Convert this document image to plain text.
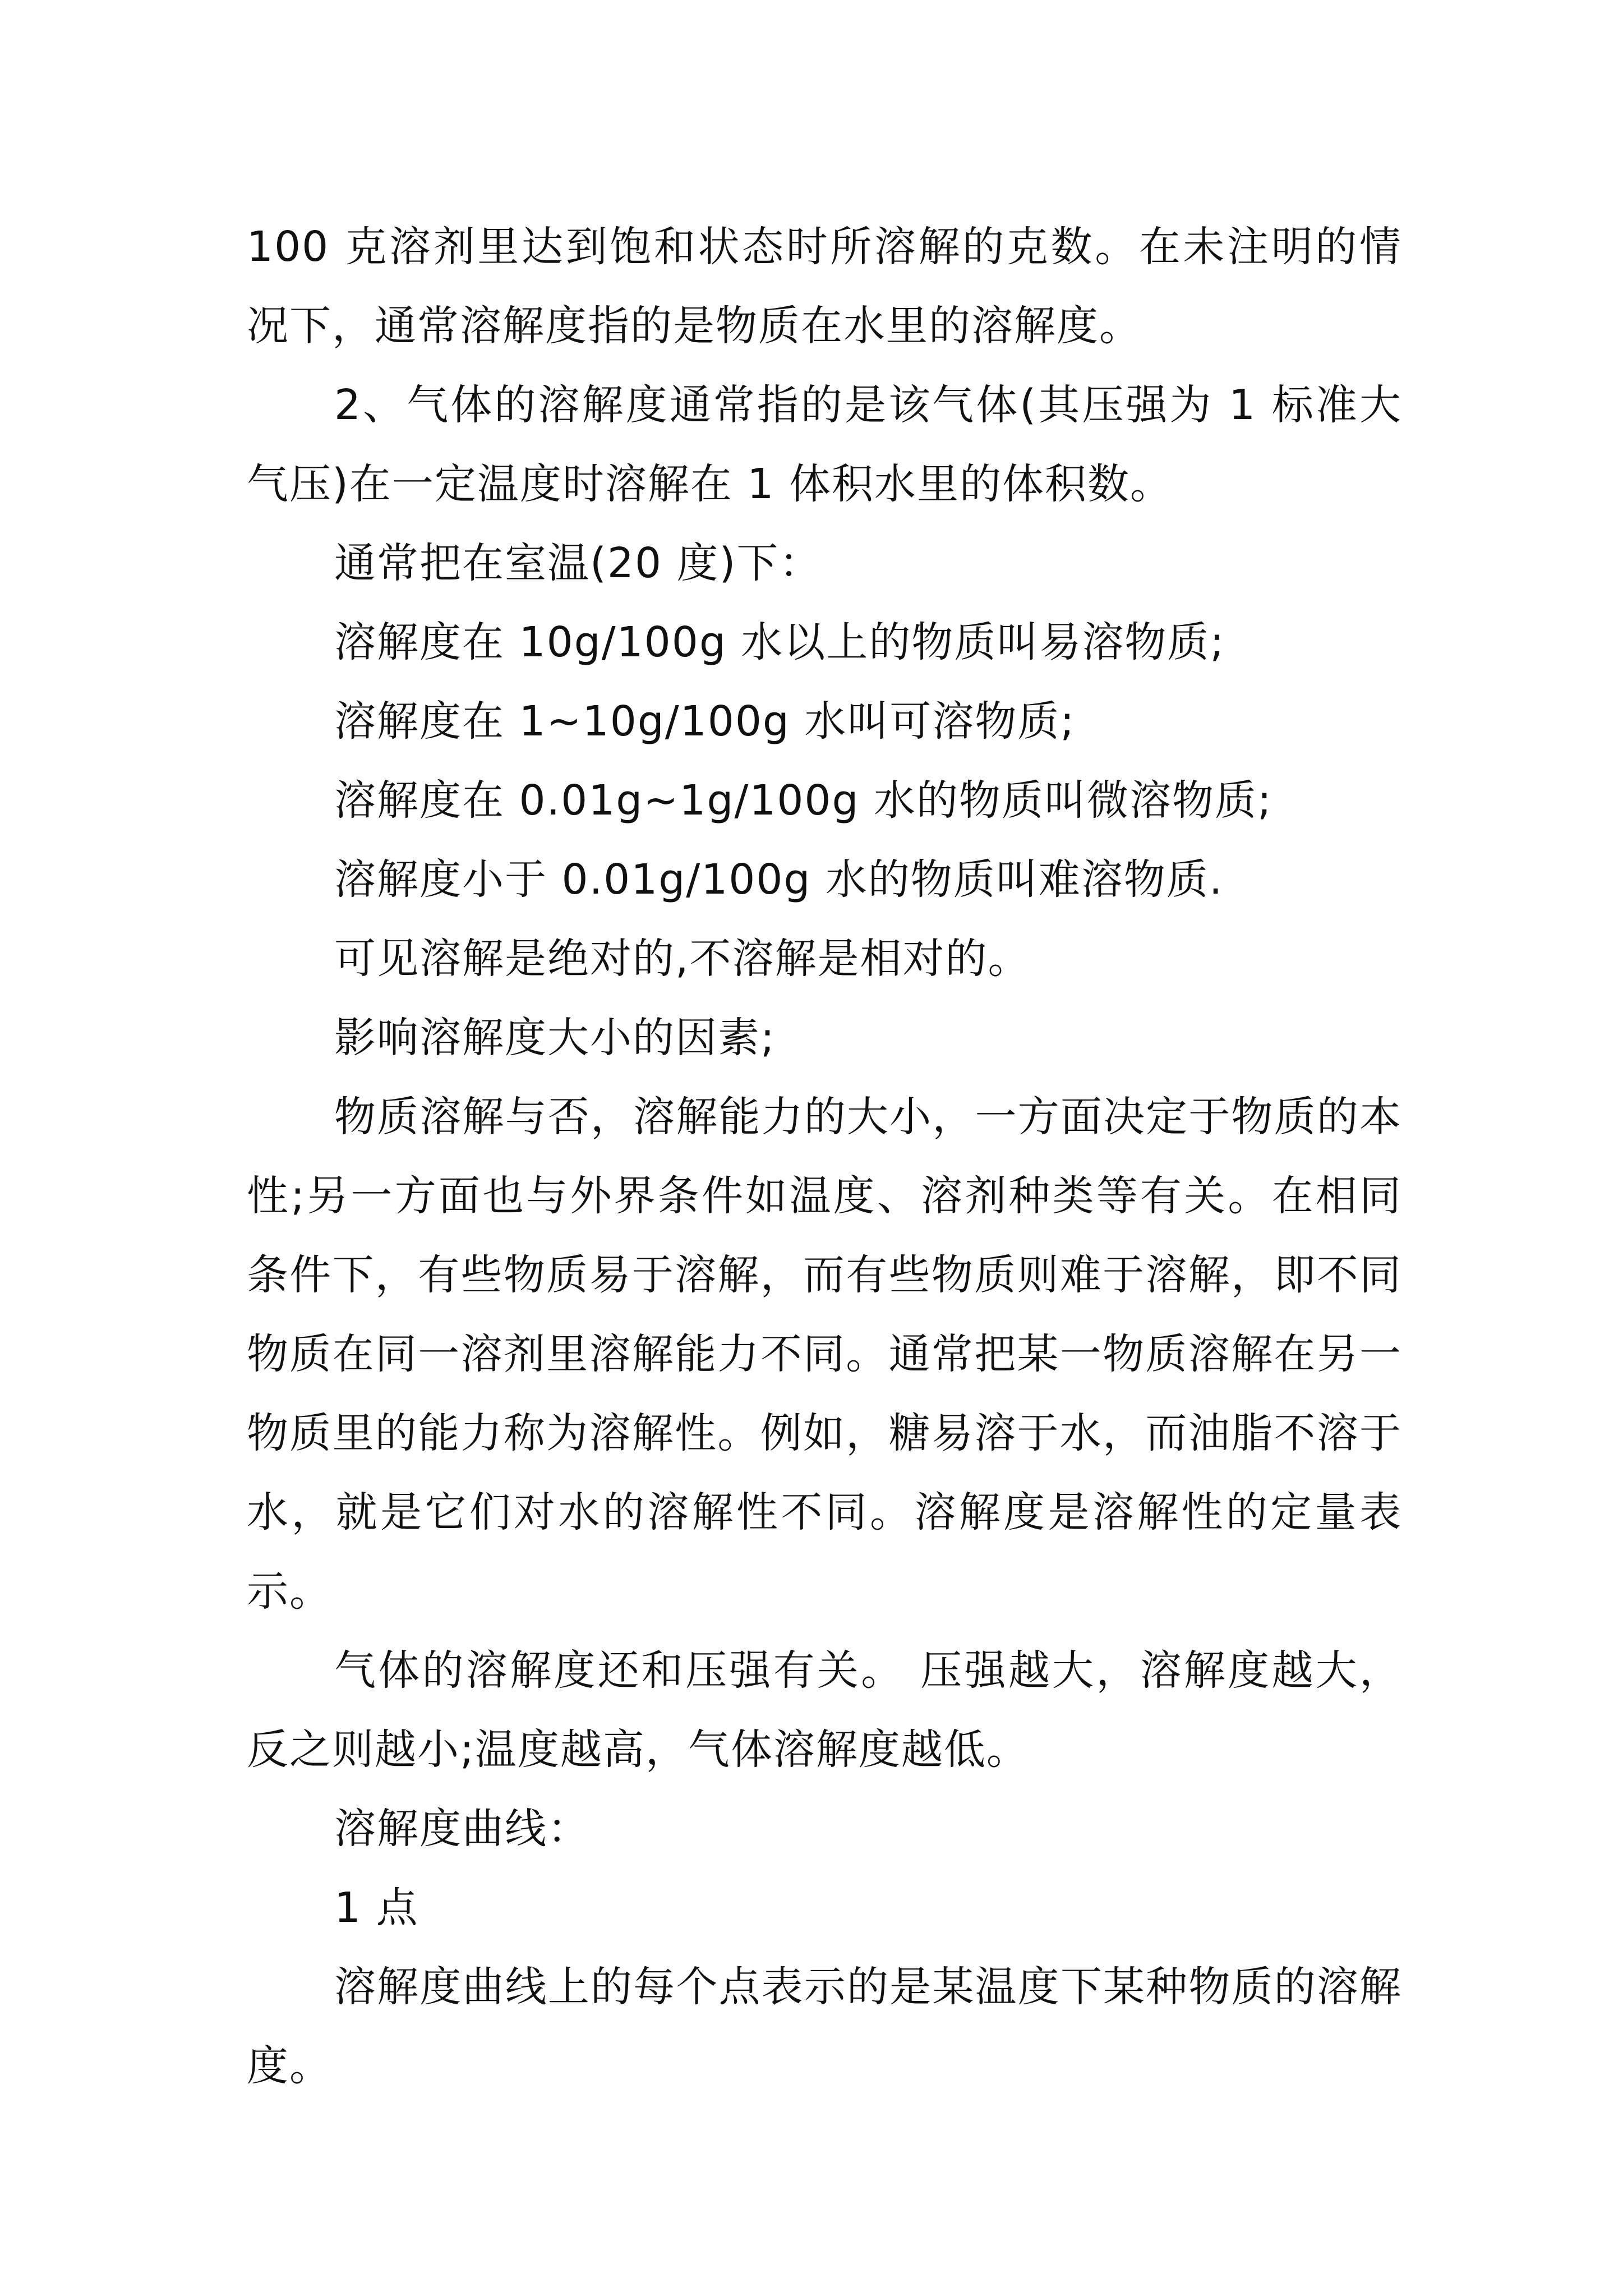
100 克溶剂里达到饱和状态时所溶解的克数。在未注明的情况下，通常溶解度指的是物质在水里的溶解度。

2、气体的溶解度通常指的是该气体(其压强为 1 标准大气压)在一定温度时溶解在 1 体积水里的体积数。

通常把在室温(20 度)下：

溶解度在 10g/100g 水以上的物质叫易溶物质;

溶解度在 1~10g/100g 水叫可溶物质;

溶解度在 0.01g~1g/100g 水的物质叫微溶物质;

溶解度小于 0.01g/100g 水的物质叫难溶物质.

可见溶解是绝对的,不溶解是相对的。

影响溶解度大小的因素;

物质溶解与否，溶解能力的大小，一方面决定于物质的本性;另一方面也与外界条件如温度、溶剂种类等有关。在相同条件下，有些物质易于溶解，而有些物质则难于溶解，即不同物质在同一溶剂里溶解能力不同。通常把某一物质溶解在另一物质里的能力称为溶解性。例如，糖易溶于水，而油脂不溶于水，就是它们对水的溶解性不同。溶解度是溶解性的定量表示。

气体的溶解度还和压强有关。 压强越大，溶解度越大，反之则越小;温度越高，气体溶解度越低。

溶解度曲线：

1 点

溶解度曲线上的每个点表示的是某温度下某种物质的溶解度。
